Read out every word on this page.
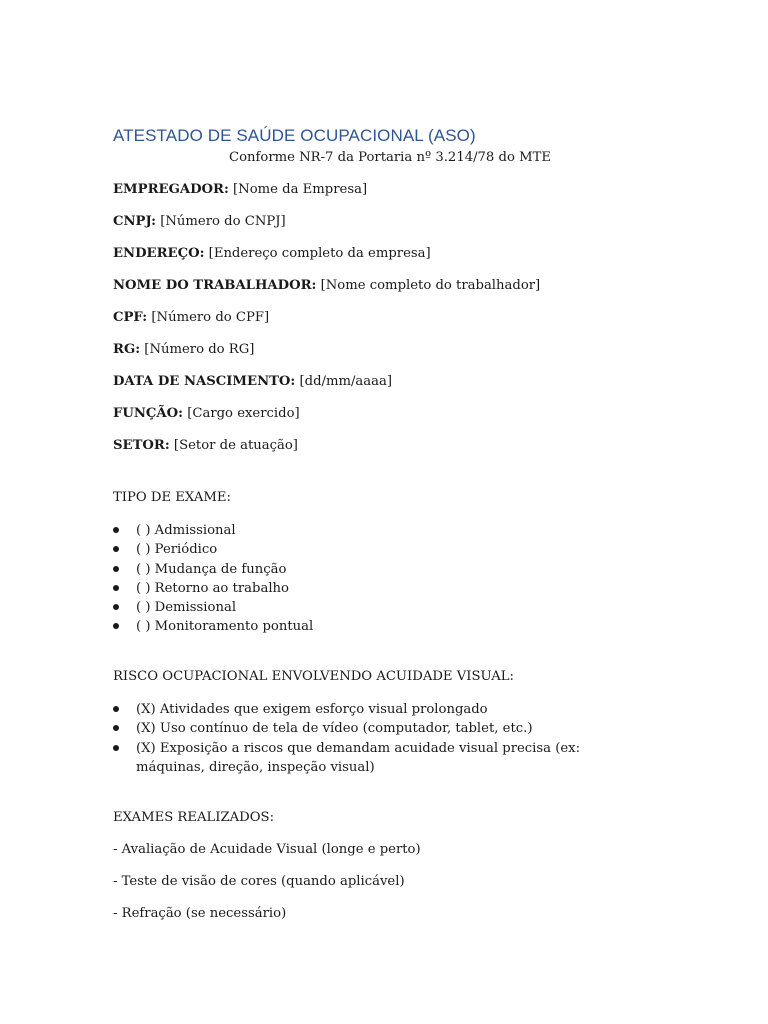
ATESTADO DE SAÚDE OCUPACIONAL (ASO)

Conforme NR-7 da Portaria nº 3.214/78 do MTE

EMPREGADOR: [Nome da Empresa]

CNPJ: [Número do CNPJ]

ENDEREÇO: [Endereço completo da empresa]

NOME DO TRABALHADOR: [Nome completo do trabalhador]

CPF: [Número do CPF]

RG: [Número do RG]

DATA DE NASCIMENTO: [dd/mm/aaaa]

FUNÇÃO: [Cargo exercido]

SETOR: [Setor de atuação]

TIPO DE EXAME:

( ) Admissional
( ) Periódico
( ) Mudança de função
( ) Retorno ao trabalho
( ) Demissional
( ) Monitoramento pontual

RISCO OCUPACIONAL ENVOLVENDO ACUIDADE VISUAL:

(X) Atividades que exigem esforço visual prolongado
(X) Uso contínuo de tela de vídeo (computador, tablet, etc.)
(X) Exposição a riscos que demandam acuidade visual precisa (ex: máquinas, direção, inspeção visual)

EXAMES REALIZADOS:

- Avaliação de Acuidade Visual (longe e perto)

- Teste de visão de cores (quando aplicável)

- Refração (se necessário)
